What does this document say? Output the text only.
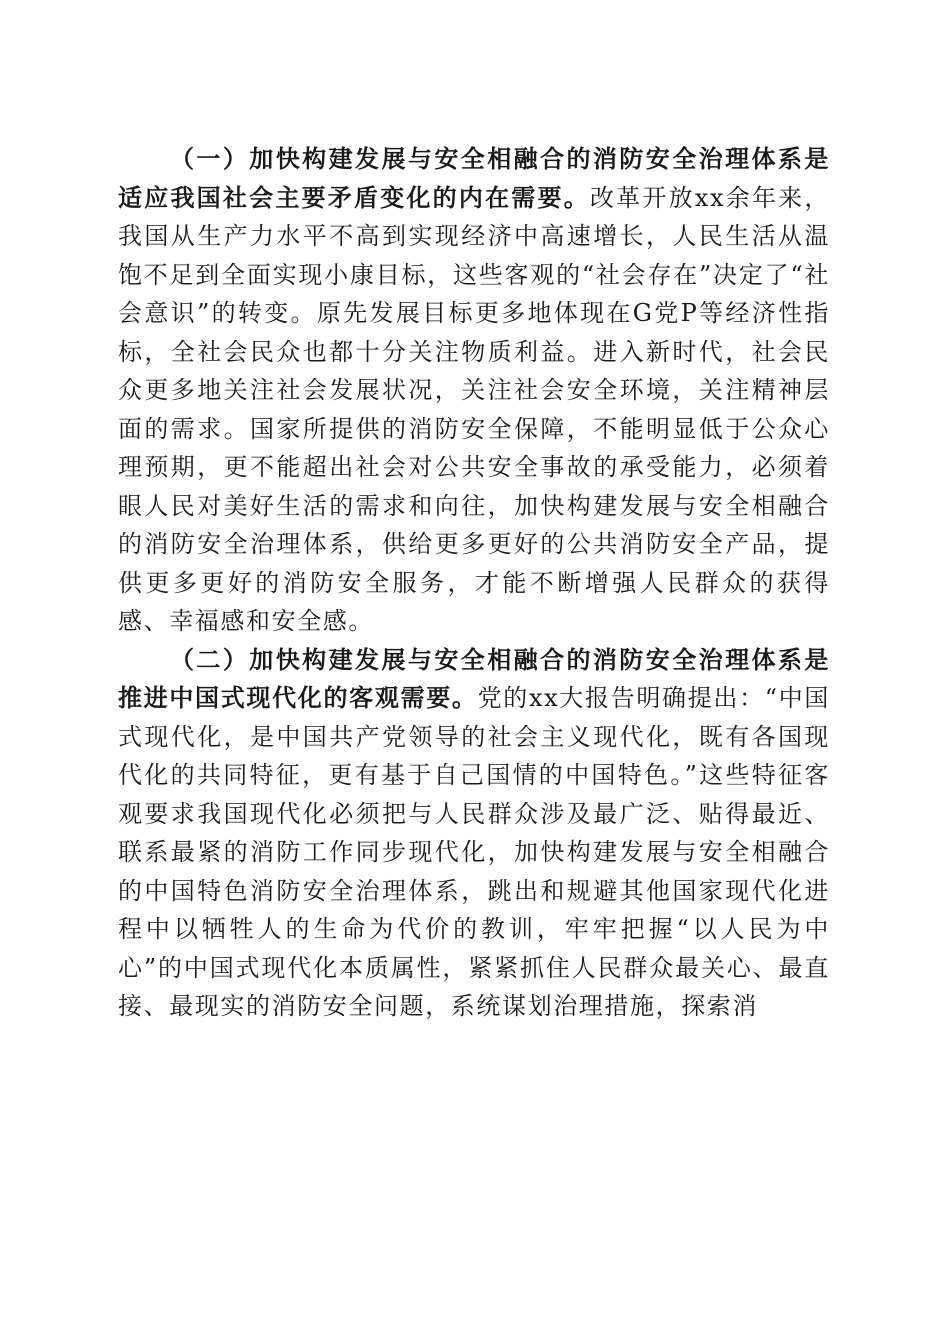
（一）加快构建发展与安全相融合的消防安全治理体系是适应我国社会主要矛盾变化的内在需要。改革开放xx余年来，我国从生产力水平不高到实现经济中高速增长，人民生活从温饱不足到全面实现小康目标，这些客观的“社会存在”决定了“社会意识”的转变。原先发展目标更多地体现在G党P等经济性指标，全社会民众也都十分关注物质利益。进入新时代，社会民众更多地关注社会发展状况，关注社会安全环境，关注精神层面的需求。国家所提供的消防安全保障，不能明显低于公众心理预期，更不能超出社会对公共安全事故的承受能力，必须着眼人民对美好生活的需求和向往，加快构建发展与安全相融合的消防安全治理体系，供给更多更好的公共消防安全产品，提供更多更好的消防安全服务，才能不断增强人民群众的获得感、幸福感和安全感。

（二）加快构建发展与安全相融合的消防安全治理体系是推进中国式现代化的客观需要。党的xx大报告明确提出：“中国式现代化，是中国共产党领导的社会主义现代化，既有各国现代化的共同特征，更有基于自己国情的中国特色。”这些特征客观要求我国现代化必须把与人民群众涉及最广泛、贴得最近、联系最紧的消防工作同步现代化，加快构建发展与安全相融合的中国特色消防安全治理体系，跳出和规避其他国家现代化进程中以牺牲人的生命为代价的教训，牢牢把握“以人民为中心”的中国式现代化本质属性，紧紧抓住人民群众最关心、最直接、最现实的消防安全问题，系统谋划治理措施，探索消
